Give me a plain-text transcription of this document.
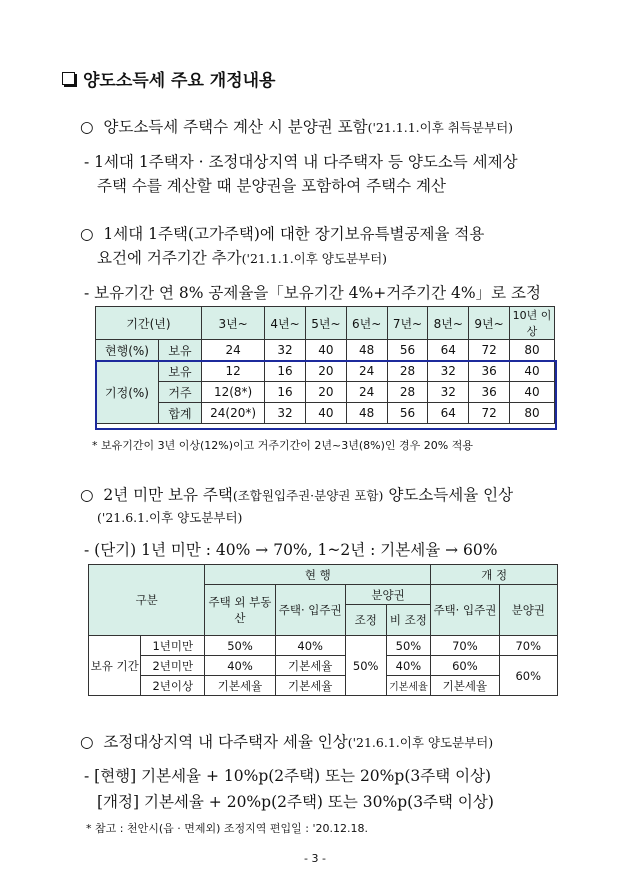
양도소득세 주요 개정내용
○ 양도소득세 주택수 계산 시 분양권 포함('21.1.1.이후 취득분부터)
- 1세대 1주택자 · 조정대상지역 내 다주택자 등 양도소득 세제상
주택 수를 계산할 때 분양권을 포함하여 주택수 계산
○ 1세대 1주택(고가주택)에 대한 장기보유특별공제율 적용
요건에 거주기간 추가('21.1.1.이후 양도분부터)
- 보유기간 연 8% 공제율을「보유기간 4%+거주기간 4%」로 조정
기간(년)		3년~	4년~	5년~	6년~	7년~	8년~	9년~	10년 이상
현행(%)	보유	24	32	40	48	56	64	72	80
기정(%)	보유	12	16	20	24	28	32	36	40
	거주	12(8*)	16	20	24	28	32	36	40
	합계	24(20*)	32	40	48	56	64	72	80
* 보유기간이 3년 이상(12%)이고 거주기간이 2년~3년(8%)인 경우 20% 적용
○ 2년 미만 보유 주택(조합원입주권·분양권 포함) 양도소득세율 인상
('21.6.1.이후 양도분부터)
- (단기) 1년 미만 : 40% → 70%, 1~2년 : 기본세율 → 60%
구분		현 행				개 정	
		주택 외 부동산	주택· 입주권	분양권		주택· 입주권	분양권
				조정	비 조정		
보유 기간	1년미만	50%	40%	50%	50%	70%	70%
	2년미만	40%	기본세율		40%	60%	60%
	2년이상	기본세율	기본세율		기본세율	기본세율	
○ 조정대상지역 내 다주택자 세율 인상('21.6.1.이후 양도분부터)
- [현행] 기본세율 + 10%p(2주택) 또는 20%p(3주택 이상)
[개정] 기본세율 + 20%p(2주택) 또는 30%p(3주택 이상)
* 참고 : 천안시(읍 · 면제외) 조정지역 편입일 : '20.12.18.
- 3 -
